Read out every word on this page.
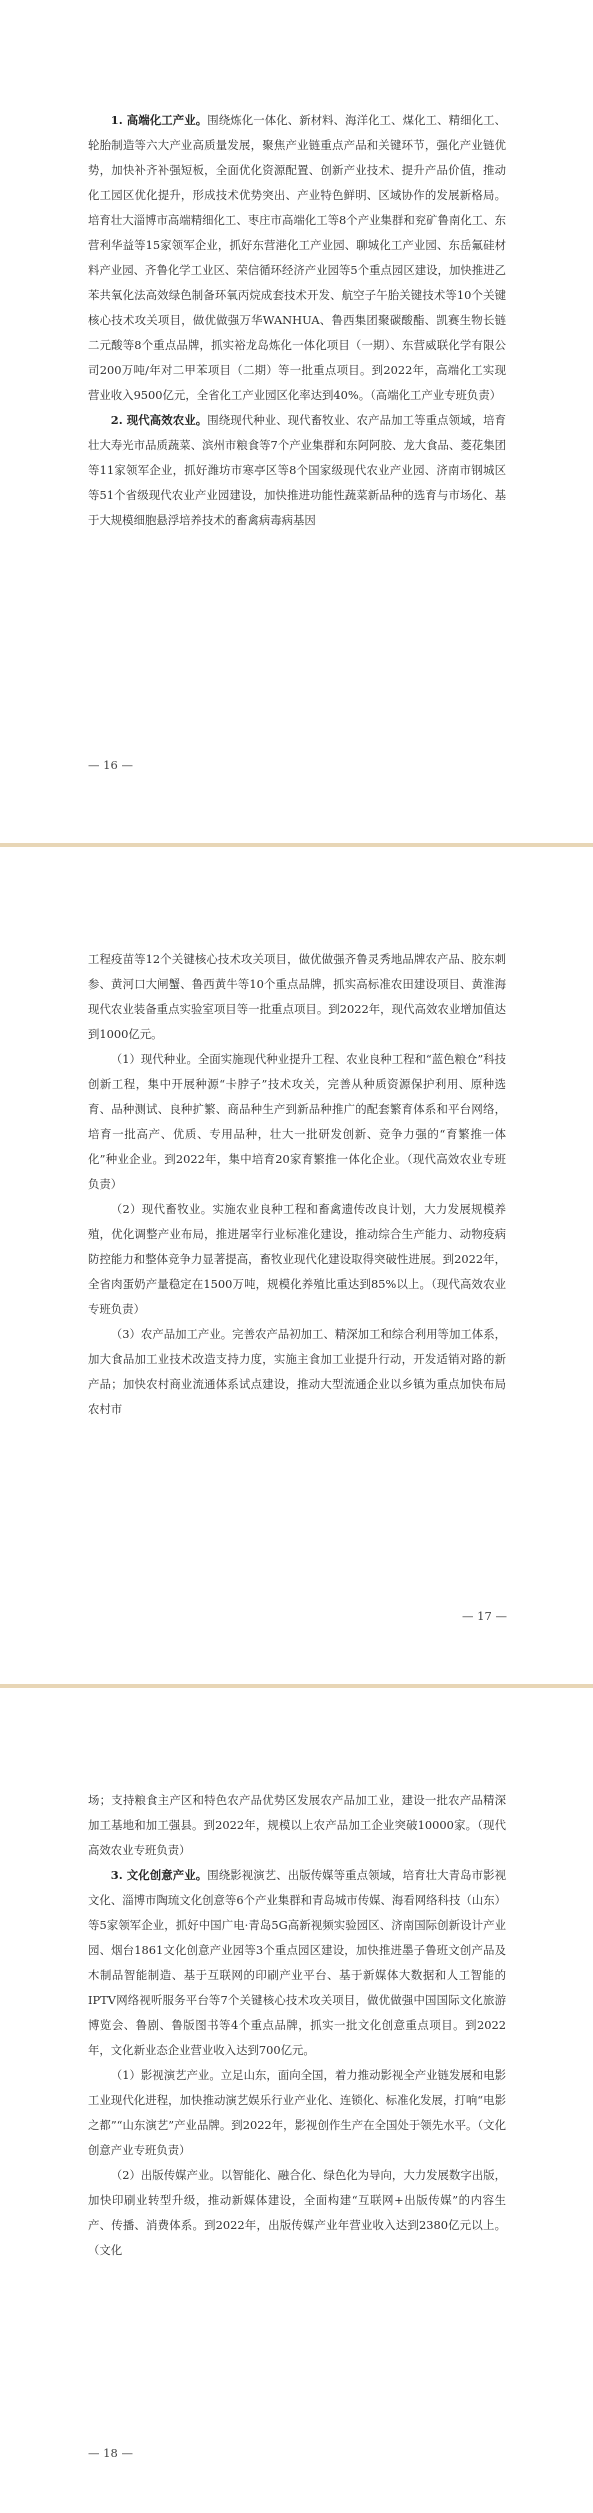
1. 高端化工产业。围绕炼化一体化、新材料、海洋化工、煤化工、精细化工、轮胎制造等六大产业高质量发展，聚焦产业链重点产品和关键环节，强化产业链优势，加快补齐补强短板，全面优化资源配置、创新产业技术、提升产品价值，推动化工园区优化提升，形成技术优势突出、产业特色鲜明、区域协作的发展新格局。培育壮大淄博市高端精细化工、枣庄市高端化工等8个产业集群和兖矿鲁南化工、东营利华益等15家领军企业，抓好东营港化工产业园、聊城化工产业园、东岳氟硅材料产业园、齐鲁化学工业区、荣信循环经济产业园等5个重点园区建设，加快推进乙苯共氧化法高效绿色制备环氧丙烷成套技术开发、航空子午胎关键技术等10个关键核心技术攻关项目，做优做强万华WANHUA、鲁西集团聚碳酸酯、凯赛生物长链二元酸等8个重点品牌，抓实裕龙岛炼化一体化项目（一期）、东营威联化学有限公司200万吨/年对二甲苯项目（二期）等一批重点项目。到2022年，高端化工实现营业收入9500亿元，全省化工产业园区化率达到40%。（高端化工产业专班负责）

2. 现代高效农业。围绕现代种业、现代畜牧业、农产品加工等重点领域，培育壮大寿光市品质蔬菜、滨州市粮食等7个产业集群和东阿阿胶、龙大食品、菱花集团等11家领军企业，抓好潍坊市寒亭区等8个国家级现代农业产业园、济南市钢城区等51个省级现代农业产业园建设，加快推进功能性蔬菜新品种的选育与市场化、基于大规模细胞悬浮培养技术的畜禽病毒病基因

— 16 —

工程疫苗等12个关键核心技术攻关项目，做优做强齐鲁灵秀地品牌农产品、胶东刺参、黄河口大闸蟹、鲁西黄牛等10个重点品牌，抓实高标准农田建设项目、黄淮海现代农业装备重点实验室项目等一批重点项目。到2022年，现代高效农业增加值达到1000亿元。

（1）现代种业。全面实施现代种业提升工程、农业良种工程和“蓝色粮仓”科技创新工程，集中开展种源“卡脖子”技术攻关，完善从种质资源保护利用、原种选育、品种测试、良种扩繁、商品种生产到新品种推广的配套繁育体系和平台网络，培育一批高产、优质、专用品种，壮大一批研发创新、竞争力强的“育繁推一体化”种业企业。到2022年，集中培育20家育繁推一体化企业。（现代高效农业专班负责）

（2）现代畜牧业。实施农业良种工程和畜禽遗传改良计划，大力发展规模养殖，优化调整产业布局，推进屠宰行业标准化建设，推动综合生产能力、动物疫病防控能力和整体竞争力显著提高，畜牧业现代化建设取得突破性进展。到2022年，全省肉蛋奶产量稳定在1500万吨，规模化养殖比重达到85%以上。（现代高效农业专班负责）

（3）农产品加工产业。完善农产品初加工、精深加工和综合利用等加工体系，加大食品加工业技术改造支持力度，实施主食加工业提升行动，开发适销对路的新产品；加快农村商业流通体系试点建设，推动大型流通企业以乡镇为重点加快布局农村市

— 17 —

场；支持粮食主产区和特色农产品优势区发展农产品加工业，建设一批农产品精深加工基地和加工强县。到2022年，规模以上农产品加工企业突破10000家。（现代高效农业专班负责）

3. 文化创意产业。围绕影视演艺、出版传媒等重点领域，培育壮大青岛市影视文化、淄博市陶琉文化创意等6个产业集群和青岛城市传媒、海看网络科技（山东）等5家领军企业，抓好中国广电·青岛5G高新视频实验园区、济南国际创新设计产业园、烟台1861文化创意产业园等3个重点园区建设，加快推进墨子鲁班文创产品及木制品智能制造、基于互联网的印刷产业平台、基于新媒体大数据和人工智能的IPTV网络视听服务平台等7个关键核心技术攻关项目，做优做强中国国际文化旅游博览会、鲁剧、鲁版图书等4个重点品牌，抓实一批文化创意重点项目。到2022年，文化新业态企业营业收入达到700亿元。

（1）影视演艺产业。立足山东，面向全国，着力推动影视全产业链发展和电影工业现代化进程，加快推动演艺娱乐行业产业化、连锁化、标准化发展，打响“电影之都”“山东演艺”产业品牌。到2022年，影视创作生产在全国处于领先水平。（文化创意产业专班负责）

（2）出版传媒产业。以智能化、融合化、绿色化为导向，大力发展数字出版，加快印刷业转型升级，推动新媒体建设，全面构建“互联网+出版传媒”的内容生产、传播、消费体系。到2022年，出版传媒产业年营业收入达到2380亿元以上。（文化

— 18 —
